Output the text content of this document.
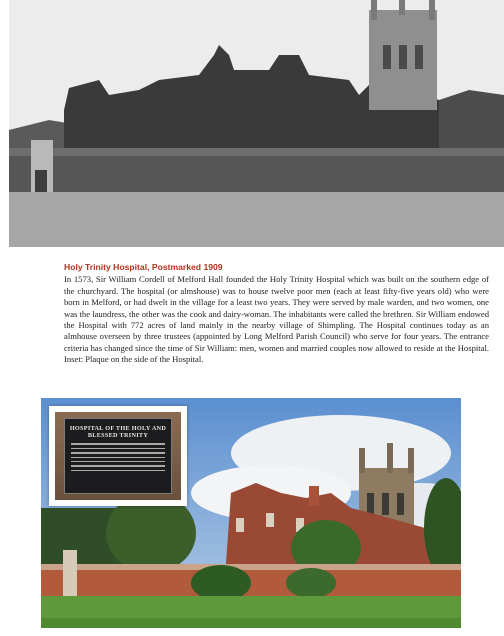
Holy Trinity Hospital, Postmarked 1909

In 1573, Sir William Cordell of Melford Hall founded the Holy Trinity Hospital which was built on the southern edge of the churchyard. The hospital (or almshouse) was to house twelve poor men (each at least fifty-five years old) who were born in Melford, or had dwelt in the village for a least two years. They were served by male warden, and two women, one was the laundress, the other was the cook and dairy-woman. The inhabitants were called the brethren. Sir William endowed the Hospital with 772 acres of land mainly in the nearby village of Shimpling. The Hospital continues today as an almhouse overseen by three trustees (appointed by Long Melford Parish Council) who serve for four years. The entrance criteria has changed since the time of Sir William: men, women and married couples now allowed to reside at the Hospital. Inset: Plaque on the side of the Hospital.

HOSPITAL OF THE HOLY AND BLESSED TRINITY
